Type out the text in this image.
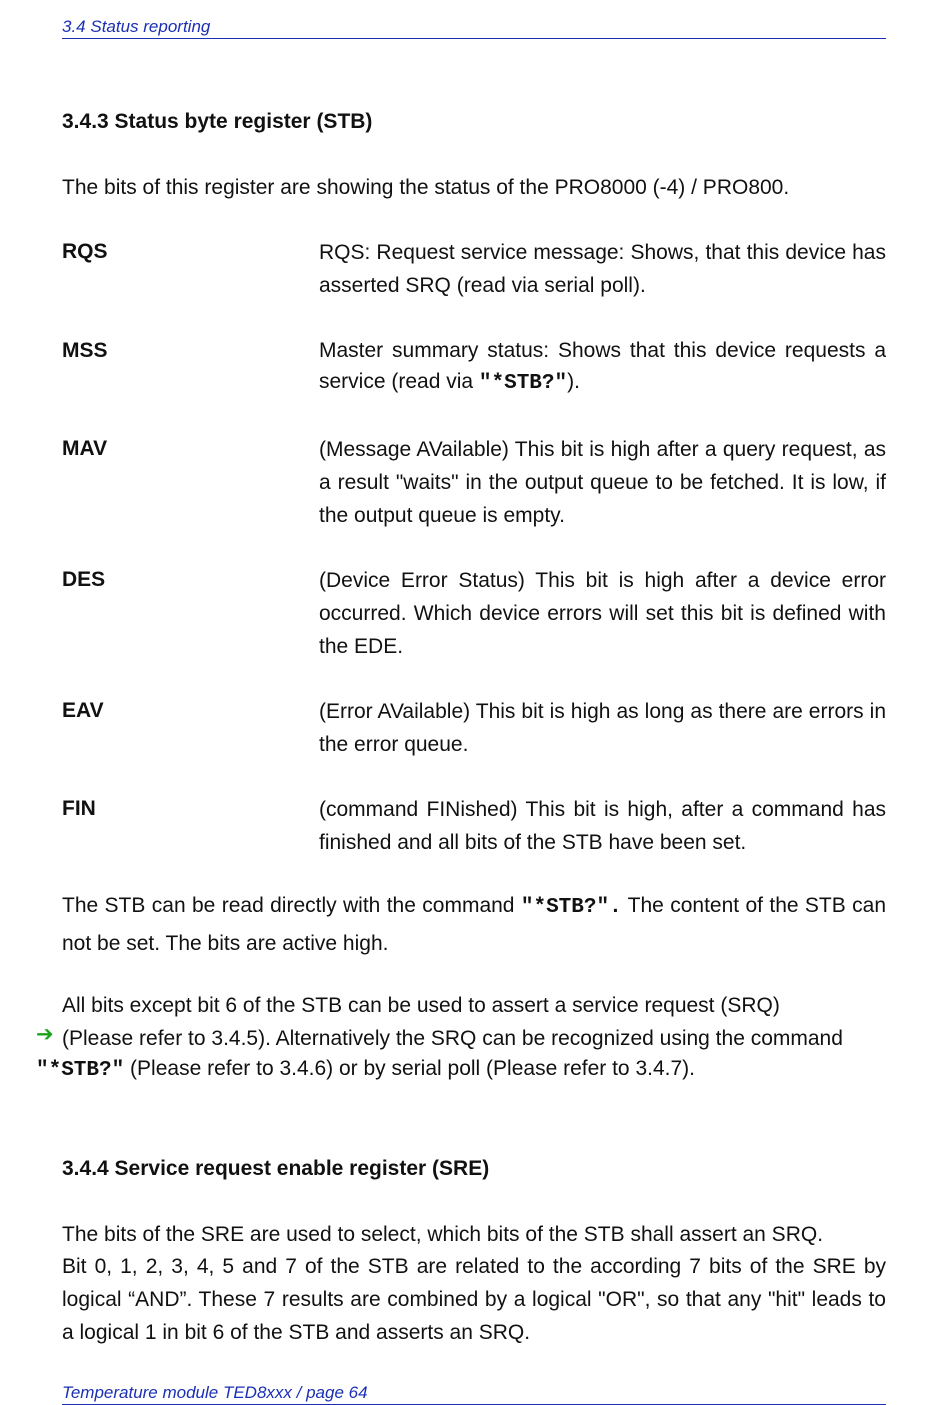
3.4 Status reporting
3.4.3 Status byte register (STB)
The bits of this register are showing the status of the PRO8000 (-4) / PRO800.
RQS	RQS: Request service message: Shows, that this device has asserted SRQ (read via serial poll).
MSS	Master summary status: Shows that this device requests a service (read via "*STB?").
MAV	(Message AVailable) This bit is high after a query request, as a result "waits" in the output queue to be fetched. It is low, if the output queue is empty.
DES	(Device Error Status) This bit is high after a device error occurred. Which device errors will set this bit is defined with the EDE.
EAV	(Error AVailable) This bit is high as long as there are errors in the error queue.
FIN	(command FINished) This bit is high, after a command has finished and all bits of the STB have been set.
The STB can be read directly with the command "*STB?". The content of the STB can not be set. The bits are active high.
All bits except bit 6 of the STB can be used to assert a service request (SRQ)
➔ (Please refer to 3.4.5). Alternatively the SRQ can be recognized using the command
"*STB?" (Please refer to 3.4.6) or by serial poll (Please refer to 3.4.7).
3.4.4 Service request enable register (SRE)
The bits of the SRE are used to select, which bits of the STB shall assert an SRQ.
Bit 0, 1, 2, 3, 4, 5 and 7 of the STB are related to the according 7 bits of the SRE by logical “AND”. These 7 results are combined by a logical "OR", so that any "hit" leads to a logical 1 in bit 6 of the STB and asserts an SRQ.
Temperature module TED8xxx / page 64
